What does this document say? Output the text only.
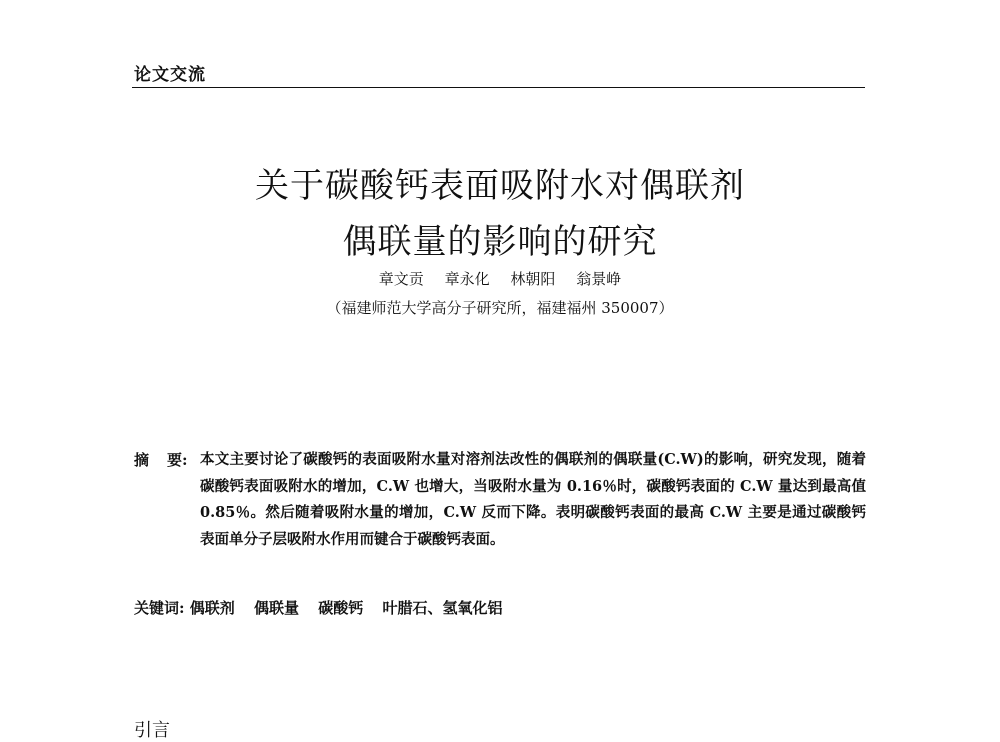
论文交流
关于碳酸钙表面吸附水对偶联剂
偶联量的影响的研究
章文贡 章永化 林朝阳 翁景峥
（福建师范大学高分子研究所，福建福州 350007）
摘 要: 本文主要讨论了碳酸钙的表面吸附水量对溶剂法改性的偶联剂的偶联量(C.W)的影响，研究发现，随着碳酸钙表面吸附水的增加，C.W 也增大，当吸附水量为 0.16％时，碳酸钙表面的 C.W 量达到最高值 0.85％。然后随着吸附水量的增加，C.W 反而下降。表明碳酸钙表面的最高 C.W 主要是通过碳酸钙表面单分子层吸附水作用而键合于碳酸钙表面。
关键词: 偶联剂 偶联量 碳酸钙 叶腊石、氢氧化铝
引言
